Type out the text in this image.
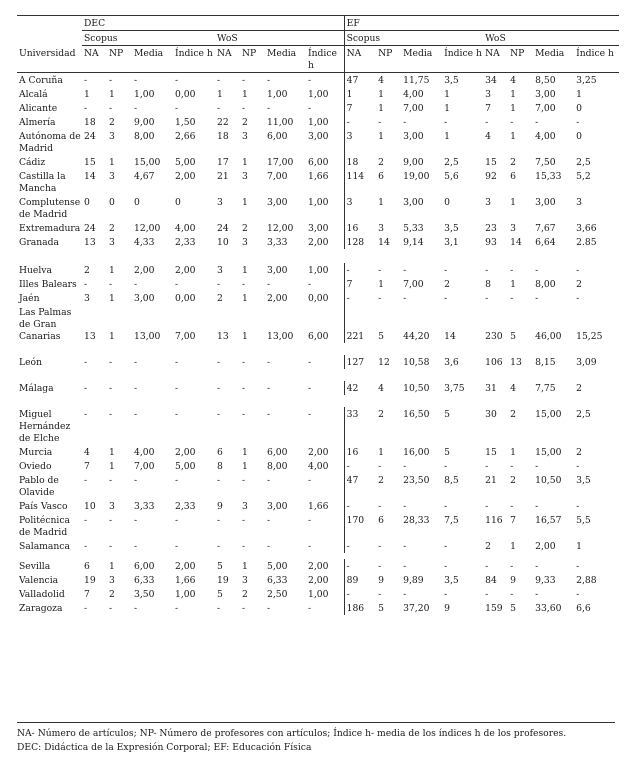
	DEC								EF							
	Scopus				WoS				Scopus				WoS			
Universidad	NA	NP	Media	Índice h	NA	NP	Media	Índice h	NA	NP	Media	Índice h	NA	NP	Media	Índice h
A Coruña	-	-	-	-	-	-	-	-	47	4	11,75	3,5	34	4	8,50	3,25
Alcalá	1	1	1,00	0,00	1	1	1,00	1,00	1	1	4,00	1	3	1	3,00	1
Alicante	-	-	-	-	-	-	-	-	7	1	7,00	1	7	1	7,00	0
Almería	18	2	9,00	1,50	22	2	11,00	1,00	-	-	-	-	-	-	-	-
Autónoma de Madrid	24	3	8,00	2,66	18	3	6,00	3,00	3	1	3,00	1	4	1	4,00	0
Cádiz	15	1	15,00	5,00	17	1	17,00	6,00	18	2	9,00	2,5	15	2	7,50	2,5
Castilla la Mancha	14	3	4,67	2,00	21	3	7,00	1,66	114	6	19,00	5,6	92	6	15,33	5,2
Complutense de Madrid	0	0	0	0	3	1	3,00	1,00	3	1	3,00	0	3	1	3,00	3
Extremadura	24	2	12,00	4,00	24	2	12,00	3,00	16	3	5,33	3,5	23	3	7,67	3,66
Granada	13	3	4,33	2,33	10	3	3,33	2,00	128	14	9,14	3,1	93	14	6,64	2.85

Huelva	2	1	2,00	2,00	3	1	3,00	1,00	-	-	-	-	-	-	-	-
Illes Balears	-	-	-	-	-	-	-	-	7	1	7,00	2	8	1	8,00	2
Jaén	3	1	3,00	0,00	2	1	2,00	0,00	-	-	-	-	-	-	-	-
Las Palmas de Gran Canarias	13	1	13,00	7,00	13	1	13,00	6,00	221	5	44,20	14	230	5	46,00	15,25

León	-	-	-	-	-	-	-	-	127	12	10,58	3,6	106	13	8,15	3,09

Málaga	-	-	-	-	-	-	-	-	42	4	10,50	3,75	31	4	7,75	2

Miguel Hernández de Elche	-	-	-	-	-	-	-	-	33	2	16,50	5	30	2	15,00	2,5
Murcia	4	1	4,00	2,00	6	1	6,00	2,00	16	1	16,00	5	15	1	15,00	2
Oviedo	7	1	7,00	5,00	8	1	8,00	4,00	-	-	-	-	-	-	-	-
Pablo de Olavide	-	-	-	-	-	-	-	-	47	2	23,50	8,5	21	2	10,50	3,5
País Vasco	10	3	3,33	2,33	9	3	3,00	1,66	-	-	-	-	-	-	-	-
Politécnica de Madrid	-	-	-	-	-	-	-	-	170	6	28,33	7,5	116	7	16,57	5,5
Salamanca	-	-	-	-	-	-	-	-	-	-	-	-	2	1	2,00	1

Sevilla	6	1	6,00	2,00	5	1	5,00	2,00	-	-	-	-	-	-	-	-
Valencia	19	3	6,33	1,66	19	3	6,33	2,00	89	9	9,89	3,5	84	9	9,33	2,88
Valladolid	7	2	3,50	1,00	5	2	2,50	1,00	-	-	-	-	-	-	-	-
Zaragoza	-	-	-	-	-	-	-	-	186	5	37,20	9	159	5	33,60	6,6

NA- Número de artículos; NP- Número de profesores con artículos; Índice h- media de los índices h de los profesores.
DEC: Didáctica de la Expresión Corporal; EF: Educación Física
